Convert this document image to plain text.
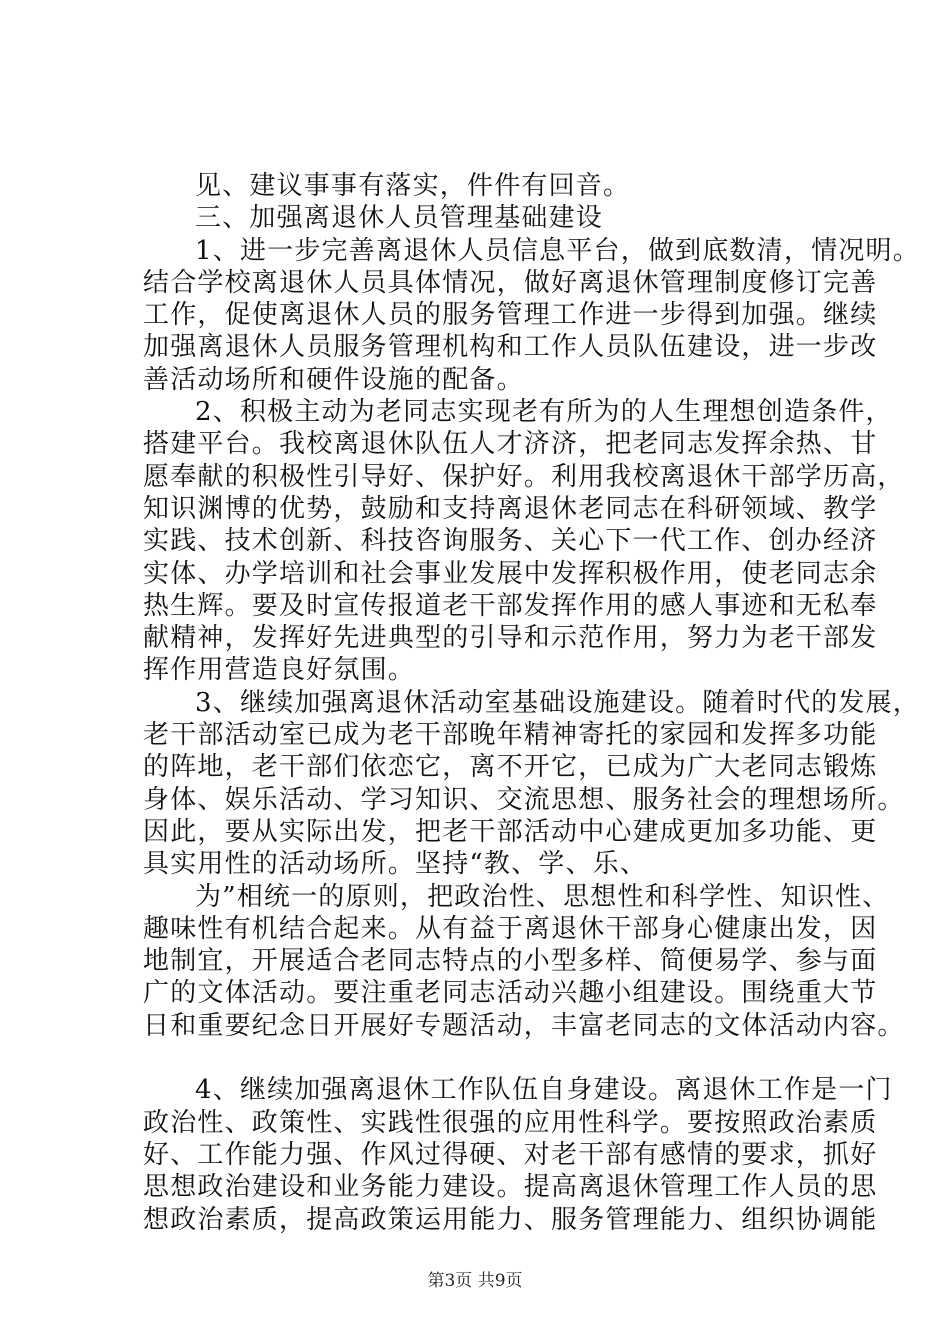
见、建议事事有落实，件件有回音。

三、加强离退休人员管理基础建设

1、进一步完善离退休人员信息平台，做到底数清，情况明。

结合学校离退休人员具体情况，做好离退休管理制度修订完善

工作，促使离退休人员的服务管理工作进一步得到加强。继续

加强离退休人员服务管理机构和工作人员队伍建设，进一步改

善活动场所和硬件设施的配备。

2、积极主动为老同志实现老有所为的人生理想创造条件，

搭建平台。我校离退休队伍人才济济，把老同志发挥余热、甘

愿奉献的积极性引导好、保护好。利用我校离退休干部学历高，

知识渊博的优势，鼓励和支持离退休老同志在科研领域、教学

实践、技术创新、科技咨询服务、关心下一代工作、创办经济

实体、办学培训和社会事业发展中发挥积极作用，使老同志余

热生辉。要及时宣传报道老干部发挥作用的感人事迹和无私奉

献精神，发挥好先进典型的引导和示范作用，努力为老干部发

挥作用营造良好氛围。

3、继续加强离退休活动室基础设施建设。随着时代的发展，

老干部活动室已成为老干部晚年精神寄托的家园和发挥多功能

的阵地，老干部们依恋它，离不开它，已成为广大老同志锻炼

身体、娱乐活动、学习知识、交流思想、服务社会的理想场所。

因此，要从实际出发，把老干部活动中心建成更加多功能、更

具实用性的活动场所。坚持“教、学、乐、

为”相统一的原则，把政治性、思想性和科学性、知识性、

趣味性有机结合起来。从有益于离退休干部身心健康出发，因

地制宜，开展适合老同志特点的小型多样、简便易学、参与面

广的文体活动。要注重老同志活动兴趣小组建设。围绕重大节

日和重要纪念日开展好专题活动，丰富老同志的文体活动内容。

4、继续加强离退休工作队伍自身建设。离退休工作是一门

政治性、政策性、实践性很强的应用性科学。要按照政治素质

好、工作能力强、作风过得硬、对老干部有感情的要求，抓好

思想政治建设和业务能力建设。提高离退休管理工作人员的思

想政治素质，提高政策运用能力、服务管理能力、组织协调能

第3页 共9页
